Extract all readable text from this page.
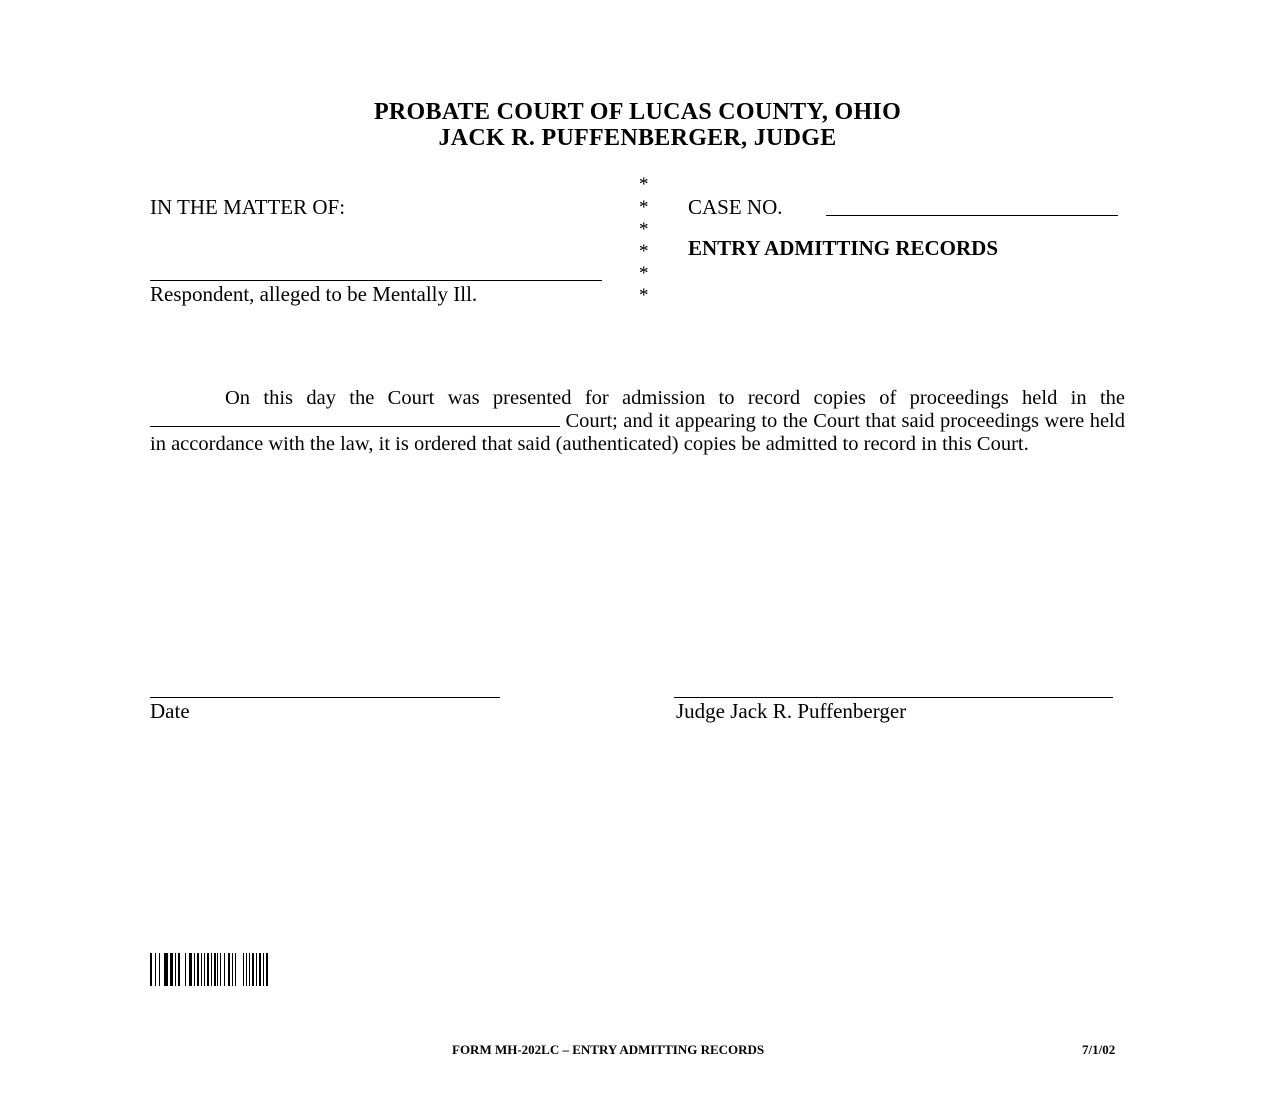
PROBATE COURT OF LUCAS COUNTY, OHIO
JACK R. PUFFENBERGER, JUDGE
IN THE MATTER OF:
Respondent, alleged to be Mentally Ill.
*
*
*
*
*
*
CASE NO.
ENTRY ADMITTING RECORDS

On this day the Court was presented for admission to record copies of proceedings held in the  Court; and it appearing to the Court that said proceedings were held in accordance with the law, it is ordered that said (authenticated) copies be admitted to record in this Court.

Date	Judge Jack R. Puffenberger
FORM MH-202LC – ENTRY ADMITTING RECORDS	7/1/02
